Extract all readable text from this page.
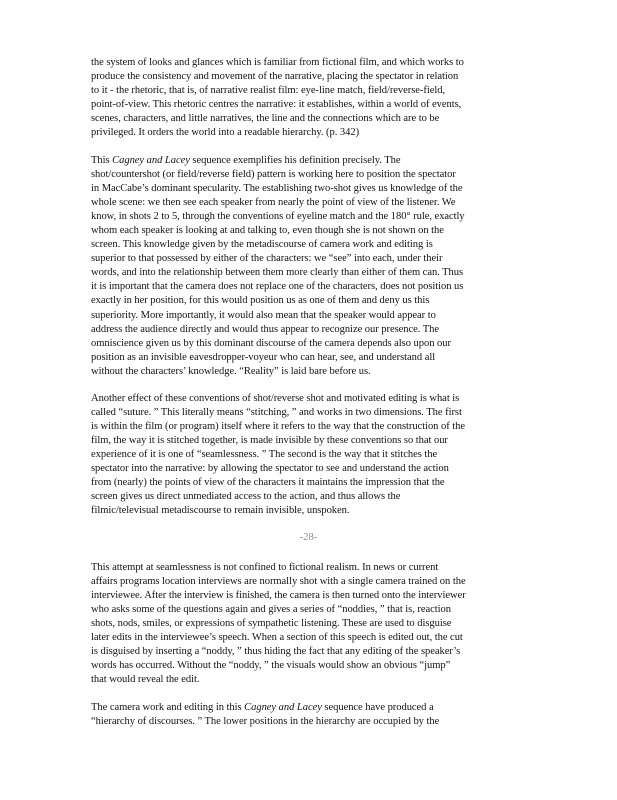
the system of looks and glances which is familiar from fictional film, and which works to
produce the consistency and movement of the narrative, placing the spectator in relation
to it - the rhetoric, that is, of narrative realist film: eye-line match, field/reverse-field,
point-of-view. This rhetoric centres the narrative: it establishes, within a world of events,
scenes, characters, and little narratives, the line and the connections which are to be
privileged. It orders the world into a readable hierarchy. (p. 342)

This Cagney and Lacey sequence exemplifies his definition precisely. The
shot/countershot (or field/reverse field) pattern is working here to position the spectator
in MacCabe’s dominant specularity. The establishing two-shot gives us knowledge of the
whole scene: we then see each speaker from nearly the point of view of the listener. We
know, in shots 2 to 5, through the conventions of eyeline match and the 180° rule, exactly
whom each speaker is looking at and talking to, even though she is not shown on the
screen. This knowledge given by the metadiscourse of camera work and editing is
superior to that possessed by either of the characters: we “see” into each, under their
words, and into the relationship between them more clearly than either of them can. Thus
it is important that the camera does not replace one of the characters, does not position us
exactly in her position, for this would position us as one of them and deny us this
superiority. More importantly, it would also mean that the speaker would appear to
address the audience directly and would thus appear to recognize our presence. The
omniscience given us by this dominant discourse of the camera depends also upon our
position as an invisible eavesdropper-voyeur who can hear, see, and understand all
without the characters’ knowledge. “Reality” is laid bare before us.

Another effect of these conventions of shot/reverse shot and motivated editing is what is
called “suture. ” This literally means “stitching, ” and works in two dimensions. The first
is within the film (or program) itself where it refers to the way that the construction of the
film, the way it is stitched together, is made invisible by these conventions so that our
experience of it is one of “seamlessness. ” The second is the way that it stitches the
spectator into the narrative: by allowing the spectator to see and understand the action
from (nearly) the points of view of the characters it maintains the impression that the
screen gives us direct unmediated access to the action, and thus allows the
filmic/televisual metadiscourse to remain invisible, unspoken.

-28-

This attempt at seamlessness is not confined to fictional realism. In news or current
affairs programs location interviews are normally shot with a single camera trained on the
interviewee. After the interview is finished, the camera is then turned onto the interviewer
who asks some of the questions again and gives a series of “noddies, ” that is, reaction
shots, nods, smiles, or expressions of sympathetic listening. These are used to disguise
later edits in the interviewee’s speech. When a section of this speech is edited out, the cut
is disguised by inserting a “noddy, ” thus hiding the fact that any editing of the speaker’s
words has occurred. Without the “noddy, ” the visuals would show an obvious “jump”
that would reveal the edit.

The camera work and editing in this Cagney and Lacey sequence have produced a
“hierarchy of discourses. ” The lower positions in the hierarchy are occupied by the
